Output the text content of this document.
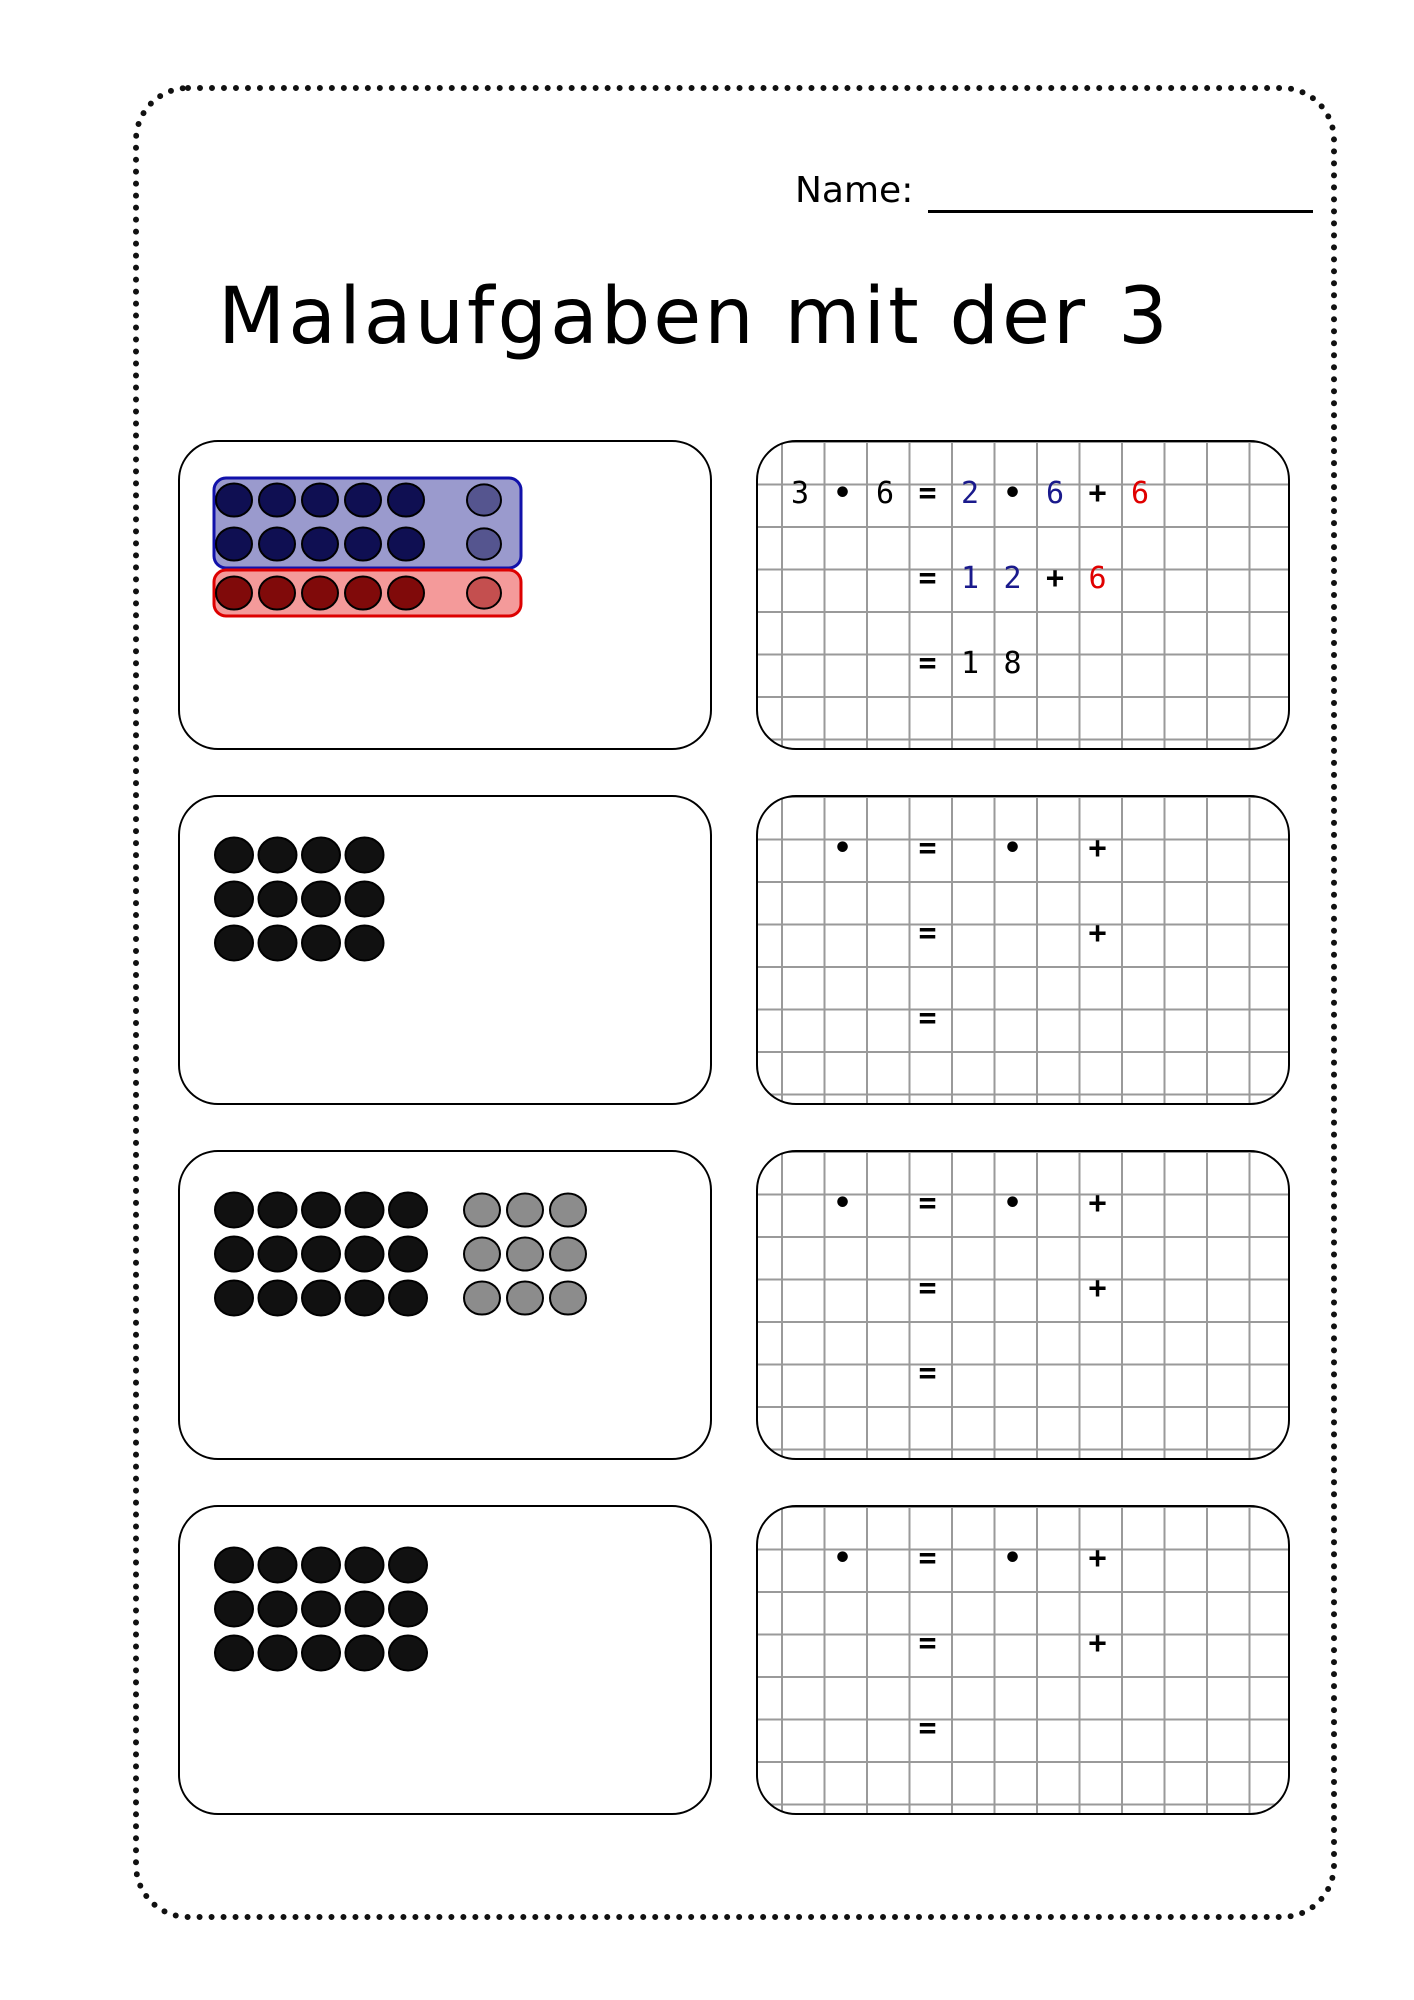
Name:
Malaufgaben mit der 3
3 • 6 = 2 • 6 + 6
= 1 2 + 6
= 1 8
•	=	•	+
=	+
=
•	=	•	+
=	+
=
•	=	•	+
=	+
=
